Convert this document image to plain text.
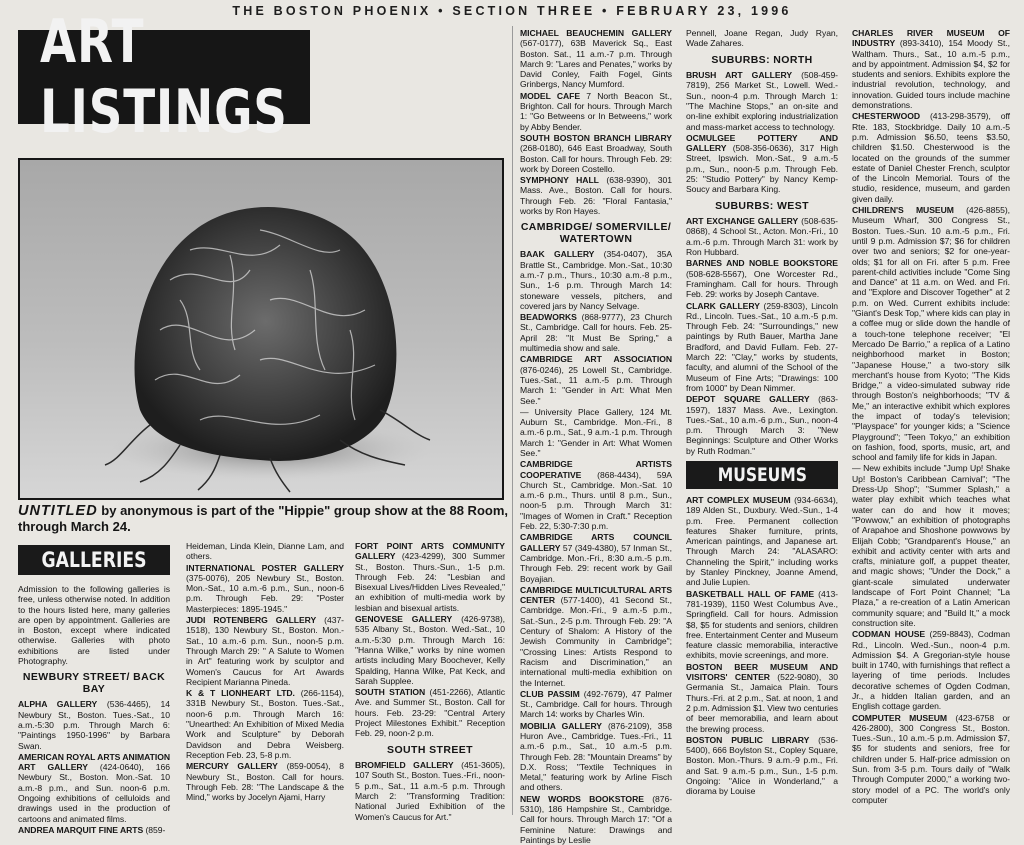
THE BOSTON PHOENIX • SECTION THREE • FEBRUARY 23, 1996
ART LISTINGS
UNTITLED by anonymous is part of the "Hippie" group show at the 88 Room, through March 24.
GALLERIES

Admission to the following galleries is free, unless otherwise noted. In addition to the hours listed here, many galleries are open by appointment. Galleries are in Boston, except where indicated otherwise. Galleries with photo exhibitions are listed under Photography.

NEWBURY STREET/ BACK BAY

ALPHA GALLERY (536-4465), 14 Newbury St., Boston. Tues.-Sat., 10 a.m.-5:30 p.m. Through March 6: "Paintings 1950-1996" by Barbara Swan.

AMERICAN ROYAL ARTS ANIMATION ART GALLERY (424-0640), 166 Newbury St., Boston. Mon.-Sat. 10 a.m.-8 p.m., and Sun. noon-6 p.m. Ongoing exhibitions of celluloids and drawings used in the production of cartoons and animated films.

ANDREA MARQUIT FINE ARTS (859-

Heideman, Linda Klein, Dianne Lam, and others.

INTERNATIONAL POSTER GALLERY (375-0076), 205 Newbury St., Boston. Mon.-Sat., 10 a.m.-6 p.m., Sun., noon-6 p.m. Through Feb. 29: "Poster Masterpieces: 1895-1945."

JUDI ROTENBERG GALLERY (437-1518), 130 Newbury St., Boston. Mon.-Sat., 10 a.m.-6 p.m. Sun., noon-5 p.m. Through March 29: " A Salute to Women in Art" featuring work by sculptor and Women's Caucus for Art Awards Recipient Marianna Pineda.

K & T LIONHEART LTD. (266-1154), 331B Newbury St., Boston. Tues.-Sat., noon-6 p.m. Through March 16: "Unearthed: An Exhibition of Mixed Media Work and Sculpture" by Deborah Davidson and Debra Weisberg. Reception Feb. 23, 5-8 p.m.

MERCURY GALLERY (859-0054), 8 Newbury St., Boston. Call for hours. Through Feb. 28: "The Landscape & the Mind," works by Jocelyn Ajami, Harry

FORT POINT ARTS COMMUNITY GALLERY (423-4299), 300 Summer St., Boston. Thurs.-Sun., 1-5 p.m. Through Feb. 24: "Lesbian and Bisexual Lives/Hidden Lives Revealed," an exhibition of multi-media work by lesbian and bisexual artists.

GENOVESE GALLERY (426-9738), 535 Albany St., Boston. Wed.-Sat., 10 a.m.-5:30 p.m. Through March 16: "Hanna Wilke," works by nine women artists including Mary Boochever, Kelly Spalding, Hanna Wilke, Pat Keck, and Sarah Supplee.

SOUTH STATION (451-2266), Atlantic Ave. and Summer St., Boston. Call for hours. Feb. 23-29: "Central Artery Project Milestones Exhibit." Reception Feb. 29, noon-2 p.m.

SOUTH STREET

BROMFIELD GALLERY (451-3605), 107 South St., Boston. Tues.-Fri., noon-5 p.m., Sat., 11 a.m.-5 p.m. Through March 2: "Transforming Tradition: National Juried Exhibition of the Women's Caucus for Art."

MICHAEL BEAUCHEMIN GALLERY (567-0177), 63B Maverick Sq., East Boston. Sat., 11 a.m.-7 p.m. Through March 9: "Lares and Penates," works by David Conley, Faith Fogel, Gints Grinbergs, Nancy Mumford.

MODEL CAFE 7 North Beacon St., Brighton. Call for hours. Through March 1: "Go Betweens or In Betweens," work by Abby Bender.

SOUTH BOSTON BRANCH LIBRARY (268-0180), 646 East Broadway, South Boston. Call for hours. Through Feb. 29: work by Doreen Costello.

SYMPHONY HALL (638-9390), 301 Mass. Ave., Boston. Call for hours. Through Feb. 26: "Floral Fantasia," works by Ron Hayes.

CAMBRIDGE/ SOMERVILLE/ WATERTOWN

BAAK GALLERY (354-0407), 35A Brattle St., Cambridge. Mon.-Sat., 10:30 a.m.-7 p.m., Thurs., 10:30 a.m.-8 p.m., Sun., 1-6 p.m. Through March 14: stoneware vessels, pitchers, and covered jars by Nancy Selvage.

BEADWORKS (868-9777), 23 Church St., Cambridge. Call for hours. Feb. 25-April 28: "It Must Be Spring," a multimedia show and sale.

CAMBRIDGE ART ASSOCIATION (876-0246), 25 Lowell St., Cambridge. Tues.-Sat., 11 a.m.-5 p.m. Through March 1: "Gender in Art: What Men See."

— University Place Gallery, 124 Mt. Auburn St., Cambridge. Mon.-Fri., 8 a.m.-6 p.m., Sat., 9 a.m.-1 p.m. Through March 1: "Gender in Art: What Women See."

CAMBRIDGE ARTISTS COOPERATIVE (868-4434), 59A Church St., Cambridge. Mon.-Sat. 10 a.m.-6 p.m., Thurs. until 8 p.m., Sun., noon-5 p.m. Through March 31: "Images of Women in Craft." Reception Feb. 22, 5:30-7:30 p.m.

CAMBRIDGE ARTS COUNCIL GALLERY 57 (349-4380), 57 Inman St., Cambridge. Mon.-Fri., 8:30 a.m.-5 p.m. Through Feb. 29: recent work by Gail Boyajian.

CAMBRIDGE MULTICULTURAL ARTS CENTER (577-1400), 41 Second St., Cambridge. Mon.-Fri., 9 a.m.-5 p.m., Sat.-Sun., 2-5 p.m. Through Feb. 29: "A Century of Shalom: A History of the Jewish Community in Cambridge"; "Crossing Lines: Artists Respond to Racism and Discrimination," an international multi-media exhibition on the Internet.

CLUB PASSIM (492-7679), 47 Palmer St., Cambridge. Call for hours. Through March 14: works by Charles Win.

MOBILIA GALLERY (876-2109), 358 Huron Ave., Cambridge. Tues.-Fri., 11 a.m.-6 p.m., Sat., 10 a.m.-5 p.m. Through Feb. 28: "Mountain Dreams" by D.X. Ross; "Textile Techniques in Metal," featuring work by Arline Fisch and others.

NEW WORDS BOOKSTORE (876-5310), 186 Hampshire St., Cambridge. Call for hours. Through March 17: "Of a Feminine Nature: Drawings and Paintings by Leslie

Pennell, Joane Regan, Judy Ryan, Wade Zahares.

SUBURBS: NORTH

BRUSH ART GALLERY (508-459-7819), 256 Market St., Lowell. Wed.-Sun., noon-4 p.m. Through March 1: "The Machine Stops," an on-site and on-line exhibit exploring industrialization and mass-market access to technology.

OCMULGEE POTTERY AND GALLERY (508-356-0636), 317 High Street, Ipswich. Mon.-Sat., 9 a.m.-5 p.m., Sun., noon-5 p.m. Through Feb. 25: "Studio Pottery" by Nancy Kemp-Soucy and Barbara King.

SUBURBS: WEST

ART EXCHANGE GALLERY (508-635-0868), 4 School St., Acton. Mon.-Fri., 10 a.m.-6 p.m. Through March 31: work by Ron Hubbard.

BARNES AND NOBLE BOOKSTORE (508-628-5567), One Worcester Rd., Framingham. Call for hours. Through Feb. 29: works by Joseph Cantave.

CLARK GALLERY (259-8303), Lincoln Rd., Lincoln. Tues.-Sat., 10 a.m.-5 p.m. Through Feb. 24: "Surroundings," new paintings by Ruth Bauer, Martha Jane Bradford, and David Fullam. Feb. 27-March 22: "Clay," works by students, faculty, and alumni of the School of the Museum of Fine Arts; "Drawings: 100 from 1000" by Dean Nimmer.

DEPOT SQUARE GALLERY (863-1597), 1837 Mass. Ave., Lexington. Tues.-Sat., 10 a.m.-6 p.m., Sun., noon-4 p.m. Through March 3: "New Beginnings: Sculpture and Other Works by Ruth Rodman."

MUSEUMS

ART COMPLEX MUSEUM (934-6634), 189 Alden St., Duxbury. Wed.-Sun., 1-4 p.m. Free. Permanent collection features Shaker furniture, prints, American paintings, and Japanese art. Through March 24: "ALASARO: Channeling the Spirit," including works by Stanley Pinckney, Joanne Amend, and Julie Lupien.

BASKETBALL HALL OF FAME (413-781-1939), 1150 West Columbus Ave., Springfield. Call for hours. Admission $8, $5 for students and seniors, children free. Entertainment Center and Museum feature classic memorabilia, interactive exhibits, movie screenings, and more.

BOSTON BEER MUSEUM AND VISITORS' CENTER (522-9080), 30 Germania St., Jamaica Plain. Tours Thurs.-Fri. at 2 p.m., Sat. at noon, 1 and 2 p.m. Admission $1. View two centuries of beer memorabilia, and learn about the brewing process.

BOSTON PUBLIC LIBRARY (536-5400), 666 Boylston St., Copley Square, Boston. Mon.-Thurs. 9 a.m.-9 p.m., Fri. and Sat. 9 a.m.-5 p.m., Sun., 1-5 p.m. Ongoing: "Alice in Wonderland," a diorama by Louise

CHARLES RIVER MUSEUM OF INDUSTRY (893-3410), 154 Moody St., Waltham. Thurs., Sat., 10 a.m.-5 p.m., and by appointment. Admission $4, $2 for students and seniors. Exhibits explore the industrial revolution, technology, and innovation. Guided tours include machine demonstrations.

CHESTERWOOD (413-298-3579), off Rte. 183, Stockbridge. Daily 10 a.m.-5 p.m. Admission $6.50, teens $3.50, children $1.50. Chesterwood is the located on the grounds of the summer estate of Daniel Chester French, sculptor of the Lincoln Memorial. Tours of the studio, residence, museum, and garden given daily.

CHILDREN'S MUSEUM (426-8855), Museum Wharf, 300 Congress St., Boston. Tues.-Sun. 10 a.m.-5 p.m., Fri. until 9 p.m. Admission $7; $6 for children over two and seniors; $2 for one-year-olds; $1 for all on Fri. after 5 p.m. Free parent-child activities include "Come Sing and Dance" at 11 a.m. on Wed. and Fri. and "Explore and Discover Together" at 2 p.m. on Wed. Current exhibits include: "Giant's Desk Top," where kids can play in a coffee mug or slide down the handle of a touch-tone telephone receiver; "El Mercado De Barrio," a replica of a Latino neighborhood market in Boston; "Japanese House," a two-story silk merchant's house from Kyoto; "The Kids Bridge," a video-simulated subway ride through Boston's neighborhoods; "TV & Me," an interactive exhibit which explores the impact of today's television; "Playspace" for younger kids; a "Science Playground"; "Teen Tokyo," an exhibition on fashion, food, sports, music, art, and school and family life for kids in Japan.

— New exhibits include "Jump Up! Shake Up! Boston's Caribbean Carnival"; "The Dress-Up Shop"; "Summer Splash," a water play exhibit which teaches what water can do and how it moves; "Powwow," an exhibition of photographs of Arapahoe and Shoshone powwows by Elijah Cobb; "Grandparent's House," an exhibit and activity center with arts and crafts, miniature golf, a puppet theater, and magic shows; "Under the Dock," a giant-scale simulated underwater landscape of Fort Point Channel; "La Plaza," a re-creation of a Latin American community square; and "Build It," a mock construction site.

CODMAN HOUSE (259-8843), Codman Rd., Lincoln. Wed.-Sun., noon-4 p.m. Admission $4. A Gregorian-style house built in 1740, with furnishings that reflect a layering of time periods. Includes decorative schemes of Ogden Codman, Jr., a hidden Italian garden, and an English cottage garden.

COMPUTER MUSEUM (423-6758 or 426-2800), 300 Congress St., Boston. Tues.-Sun., 10 a.m.-5 p.m. Admission $7, $5 for students and seniors, free for children under 5. Half-price admission on Sun. from 3-5 p.m. Tours daily of "Walk Through Computer 2000," a working two-story model of a PC. The world's only computer
